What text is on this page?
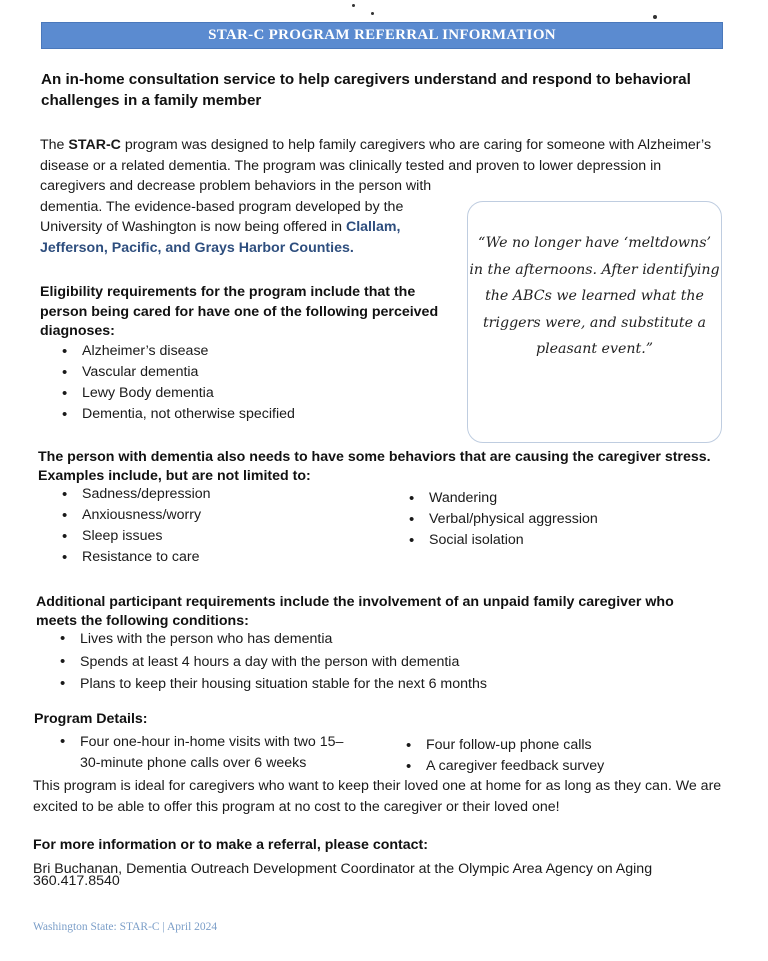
STAR-C PROGRAM REFERRAL INFORMATION

An in-home consultation service to help caregivers understand and respond to behavioral challenges in a family member

The STAR-C program was designed to help family caregivers who are caring for someone with Alzheimer’s disease or a related dementia. The program was clinically tested and proven to lower depression in caregivers and decrease problem behaviors in the person with dementia. The evidence-based program developed by the University of Washington is now being offered in Clallam, Jefferson, Pacific, and Grays Harbor Counties.	“We no longer have ‘meltdowns’ in the afternoons. After identifying the ABCs we learned what the triggers were, and substitute a pleasant event.”

Eligibility requirements for the program include that the person being cared for have one of the following perceived diagnoses:

• Alzheimer’s disease
• Vascular dementia
• Lewy Body dementia
• Dementia, not otherwise specified

The person with dementia also needs to have some behaviors that are causing the caregiver stress. Examples include, but are not limited to:

• Sadness/depression
• Anxiousness/worry
• Sleep issues
• Resistance to care
• Wandering
• Verbal/physical aggression
• Social isolation

Additional participant requirements include the involvement of an unpaid family caregiver who meets the following conditions:

• Lives with the person who has dementia
• Spends at least 4 hours a day with the person with dementia
• Plans to keep their housing situation stable for the next 6 months

Program Details:

• Four one-hour in-home visits with two 15–30-minute phone calls over 6 weeks
• Four follow-up phone calls
• A caregiver feedback survey

This program is ideal for caregivers who want to keep their loved one at home for as long as they can. We are excited to be able to offer this program at no cost to the caregiver or their loved one!

For more information or to make a referral, please contact:

Bri Buchanan, Dementia Outreach Development Coordinator at the Olympic Area Agency on Aging

360.417.8540

Washington State: STAR-C | April 2024
